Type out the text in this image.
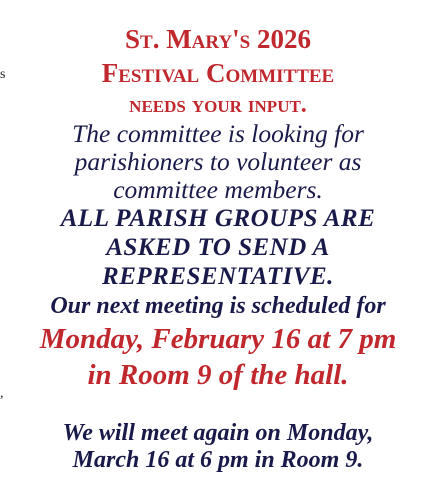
s
,
St. Mary's 2026
Festival Committee
needs your input.
The committee is looking for
parishioners to volunteer as
committee members.
ALL PARISH GROUPS ARE
ASKED TO SEND A
REPRESENTATIVE.
Our next meeting is scheduled for
Monday, February 16 at 7 pm
in Room 9 of the hall.
We will meet again on Monday,
March 16 at 6 pm in Room 9.
